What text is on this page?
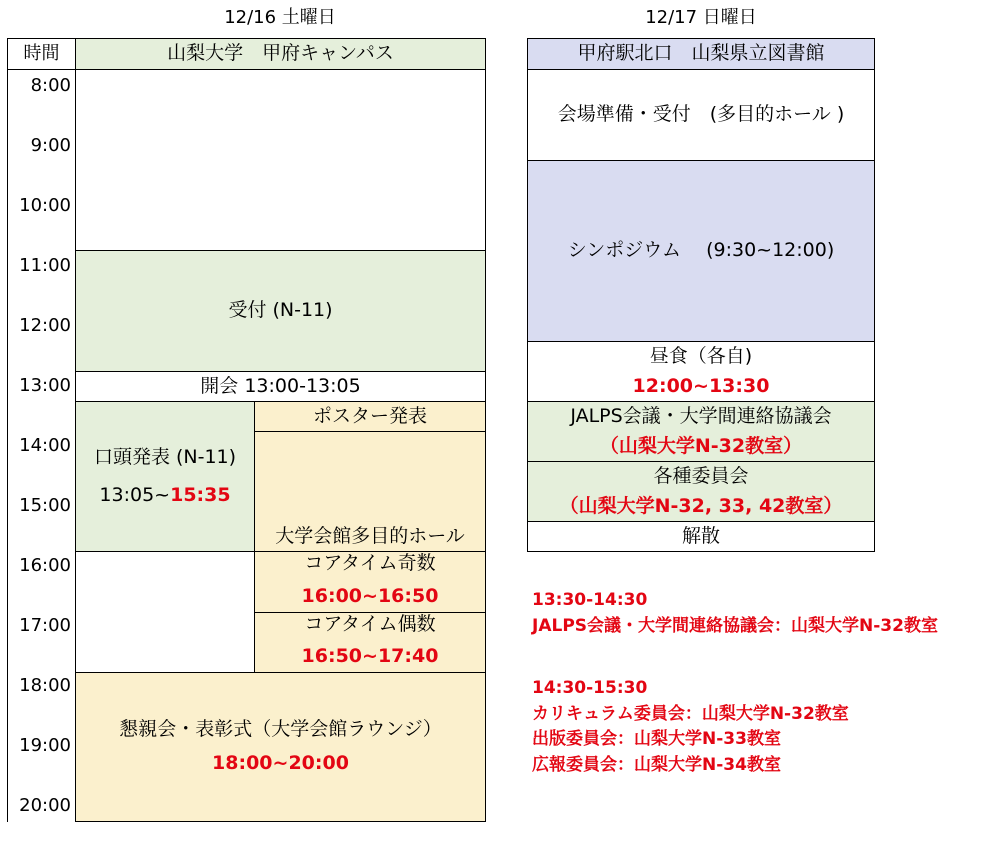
12/16 土曜日
時間	山梨大学　甲府キャンパス
8:00
9:00
10:00
11:00
12:00
13:00
14:00
15:00
16:00
17:00
18:00
19:00
20:00
受付 (N-11)
開会 13:00-13:05
口頭発表 (N-11)
13:05~15:35
ポスター発表
大学会館多目的ホール
コアタイム奇数
16:00~16:50
コアタイム偶数
16:50~17:40
懇親会・表彰式（大学会館ラウンジ）
18:00~20:00
12/17 日曜日
甲府駅北口　山梨県立図書館
会場準備・受付　(多目的ホール )
シンポジウム　 (9:30~12:00)
昼食（各自)
12:00~13:30
JALPS会議・大学間連絡協議会
（山梨大学N-32教室）
各種委員会
（山梨大学N-32, 33, 42教室）
解散
13:30-14:30
JALPS会議・大学間連絡協議会：山梨大学N-32教室
14:30-15:30
カリキュラム委員会：山梨大学N-32教室
出版委員会：山梨大学N-33教室
広報委員会：山梨大学N-34教室
